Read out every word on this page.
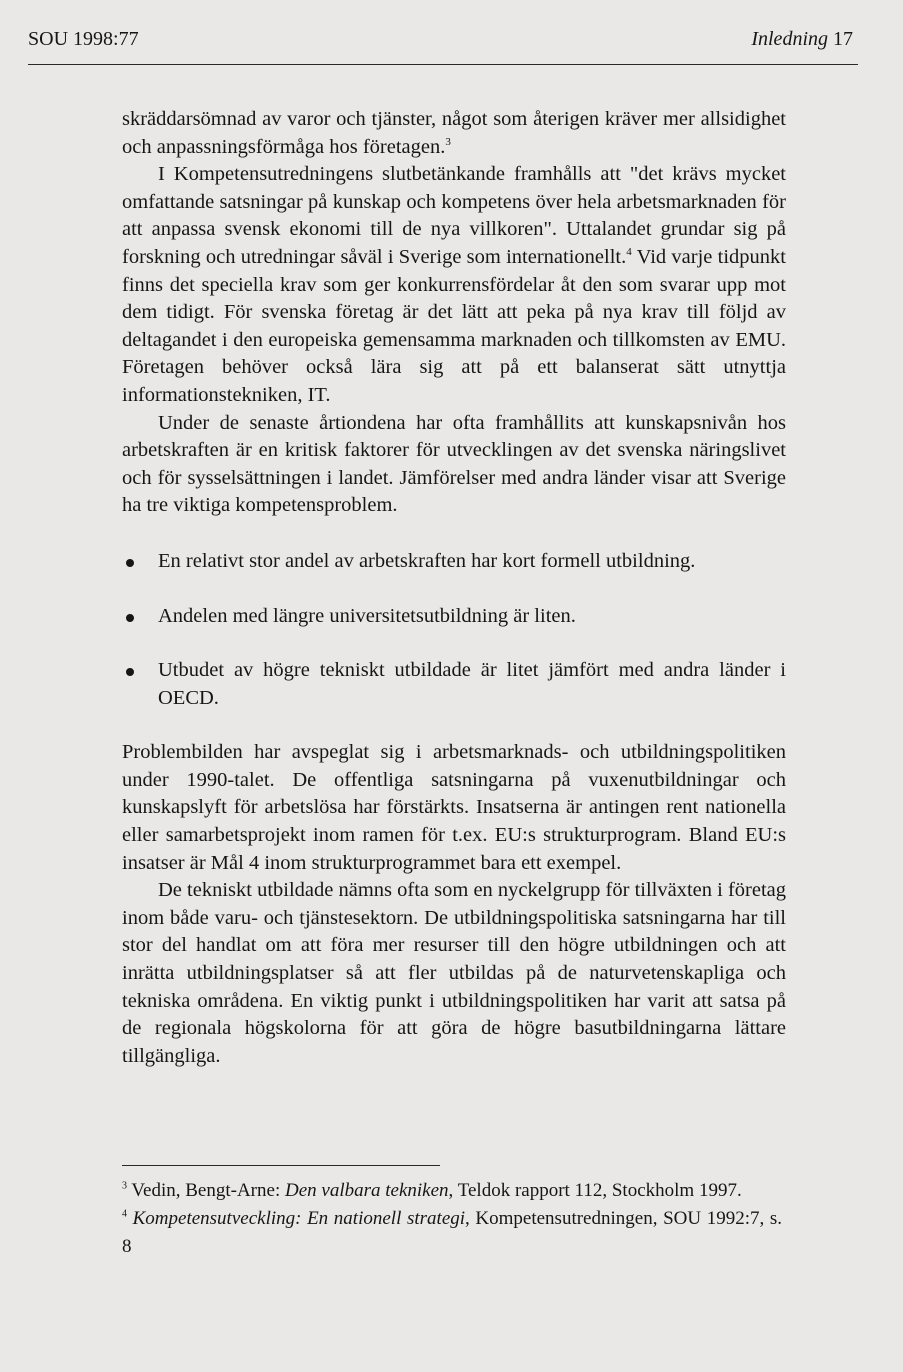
SOU 1998:77	Inledning 17

skräddarsömnad av varor och tjänster, något som återigen kräver mer allsidighet och anpassningsförmåga hos företagen.$^3$

I Kompetensutredningens slutbetänkande framhålls att "det krävs mycket omfattande satsningar på kunskap och kompetens över hela arbetsmarknaden för att anpassa svensk ekonomi till de nya villkoren". Uttalandet grundar sig på forskning och utredningar såväl i Sverige som internationellt.$^4$ Vid varje tidpunkt finns det speciella krav som ger konkurrensfördelar åt den som svarar upp mot dem tidigt. För svenska företag är det lätt att peka på nya krav till följd av deltagandet i den europeiska gemensamma marknaden och tillkomsten av EMU. Företagen behöver också lära sig att på ett balanserat sätt utnyttja informationstekniken, IT.

Under de senaste årtiondena har ofta framhållits att kunskapsnivån hos arbetskraften är en kritisk faktorer för utvecklingen av det svenska näringslivet och för sysselsättningen i landet. Jämförelser med andra länder visar att Sverige ha tre viktiga kompetensproblem.

En relativt stor andel av arbetskraften har kort formell utbildning.
Andelen med längre universitetsutbildning är liten.
Utbudet av högre tekniskt utbildade är litet jämfört med andra länder i OECD.

Problembilden har avspeglat sig i arbetsmarknads- och utbildningspolitiken under 1990-talet. De offentliga satsningarna på vuxenutbildningar och kunskapslyft för arbetslösa har förstärkts. Insatserna är antingen rent nationella eller samarbetsprojekt inom ramen för t.ex. EU:s strukturprogram. Bland EU:s insatser är Mål 4 inom strukturprogrammet bara ett exempel.

De tekniskt utbildade nämns ofta som en nyckelgrupp för tillväxten i företag inom både varu- och tjänstesektorn. De utbildningspolitiska satsningarna har till stor del handlat om att föra mer resurser till den högre utbildningen och att inrätta utbildningsplatser så att fler utbildas på de naturvetenskapliga och tekniska områdena. En viktig punkt i utbildningspolitiken har varit att satsa på de regionala högskolorna för att göra de högre basutbildningarna lättare tillgängliga.

$^3$ Vedin, Bengt-Arne: Den valbara tekniken, Teldok rapport 112, Stockholm 1997.
$^4$ Kompetensutveckling: En nationell strategi, Kompetensutredningen, SOU 1992:7, s. 8
